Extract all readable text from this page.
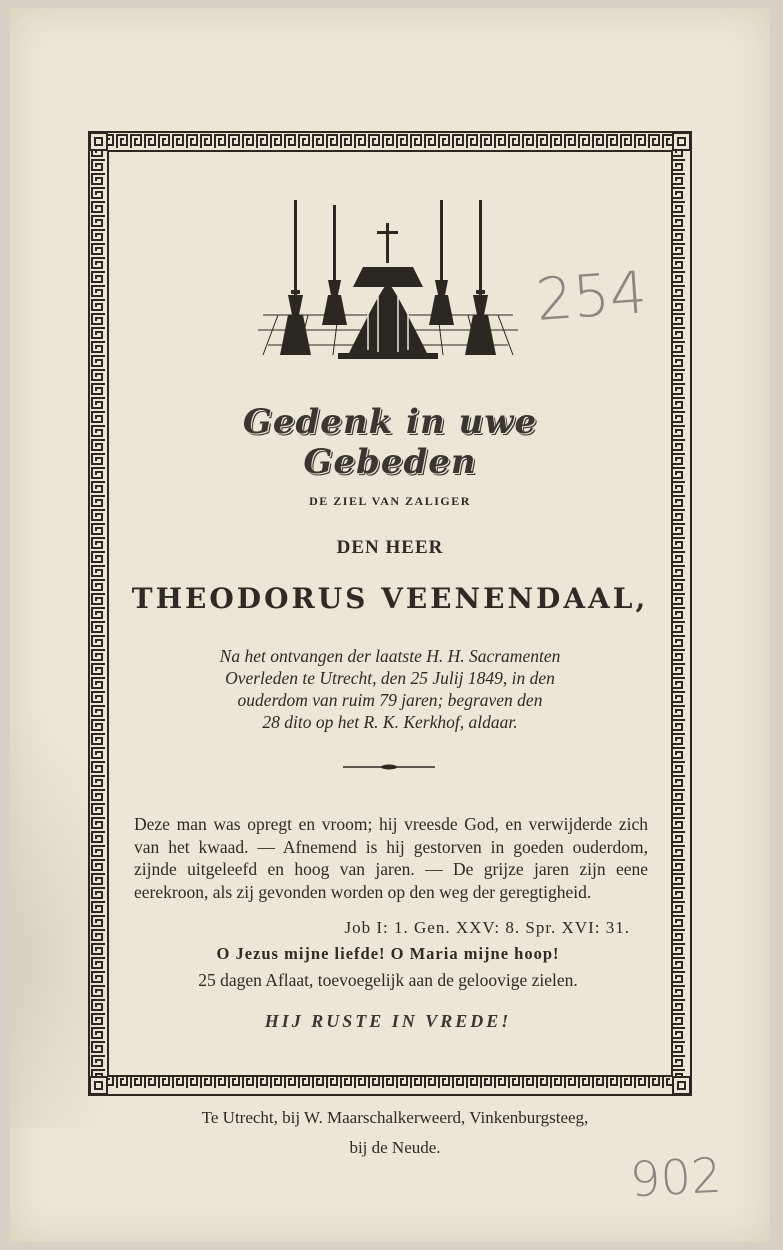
254
Gedenk in uwe Gebeden
DE ZIEL VAN ZALIGER
DEN HEER
THEODORUS VEENENDAAL,
Na het ontvangen der laatste H. H. Sacramenten
Overleden te Utrecht, den 25 Julij 1849, in den
ouderdom van ruim 79 jaren; begraven den
28 dito op het R. K. Kerkhof, aldaar.
Deze man was opregt en vroom; hij vreesde God, en verwijderde zich van het kwaad. — Afnemend is hij gestorven in goeden ouderdom, zijnde uitgeleefd en hoog van jaren. — De grijze jaren zijn eene eerekroon, als zij gevonden worden op den weg der geregtigheid.
Job I: 1. Gen. XXV: 8. Spr. XVI: 31.
O Jezus mijne liefde! O Maria mijne hoop!
25 dagen Aflaat, toevoegelijk aan de geloovige zielen.
HIJ RUSTE IN VREDE!
Te Utrecht, bij W. Maarschalkerweerd, Vinkenburgsteeg,
bij de Neude.
902
